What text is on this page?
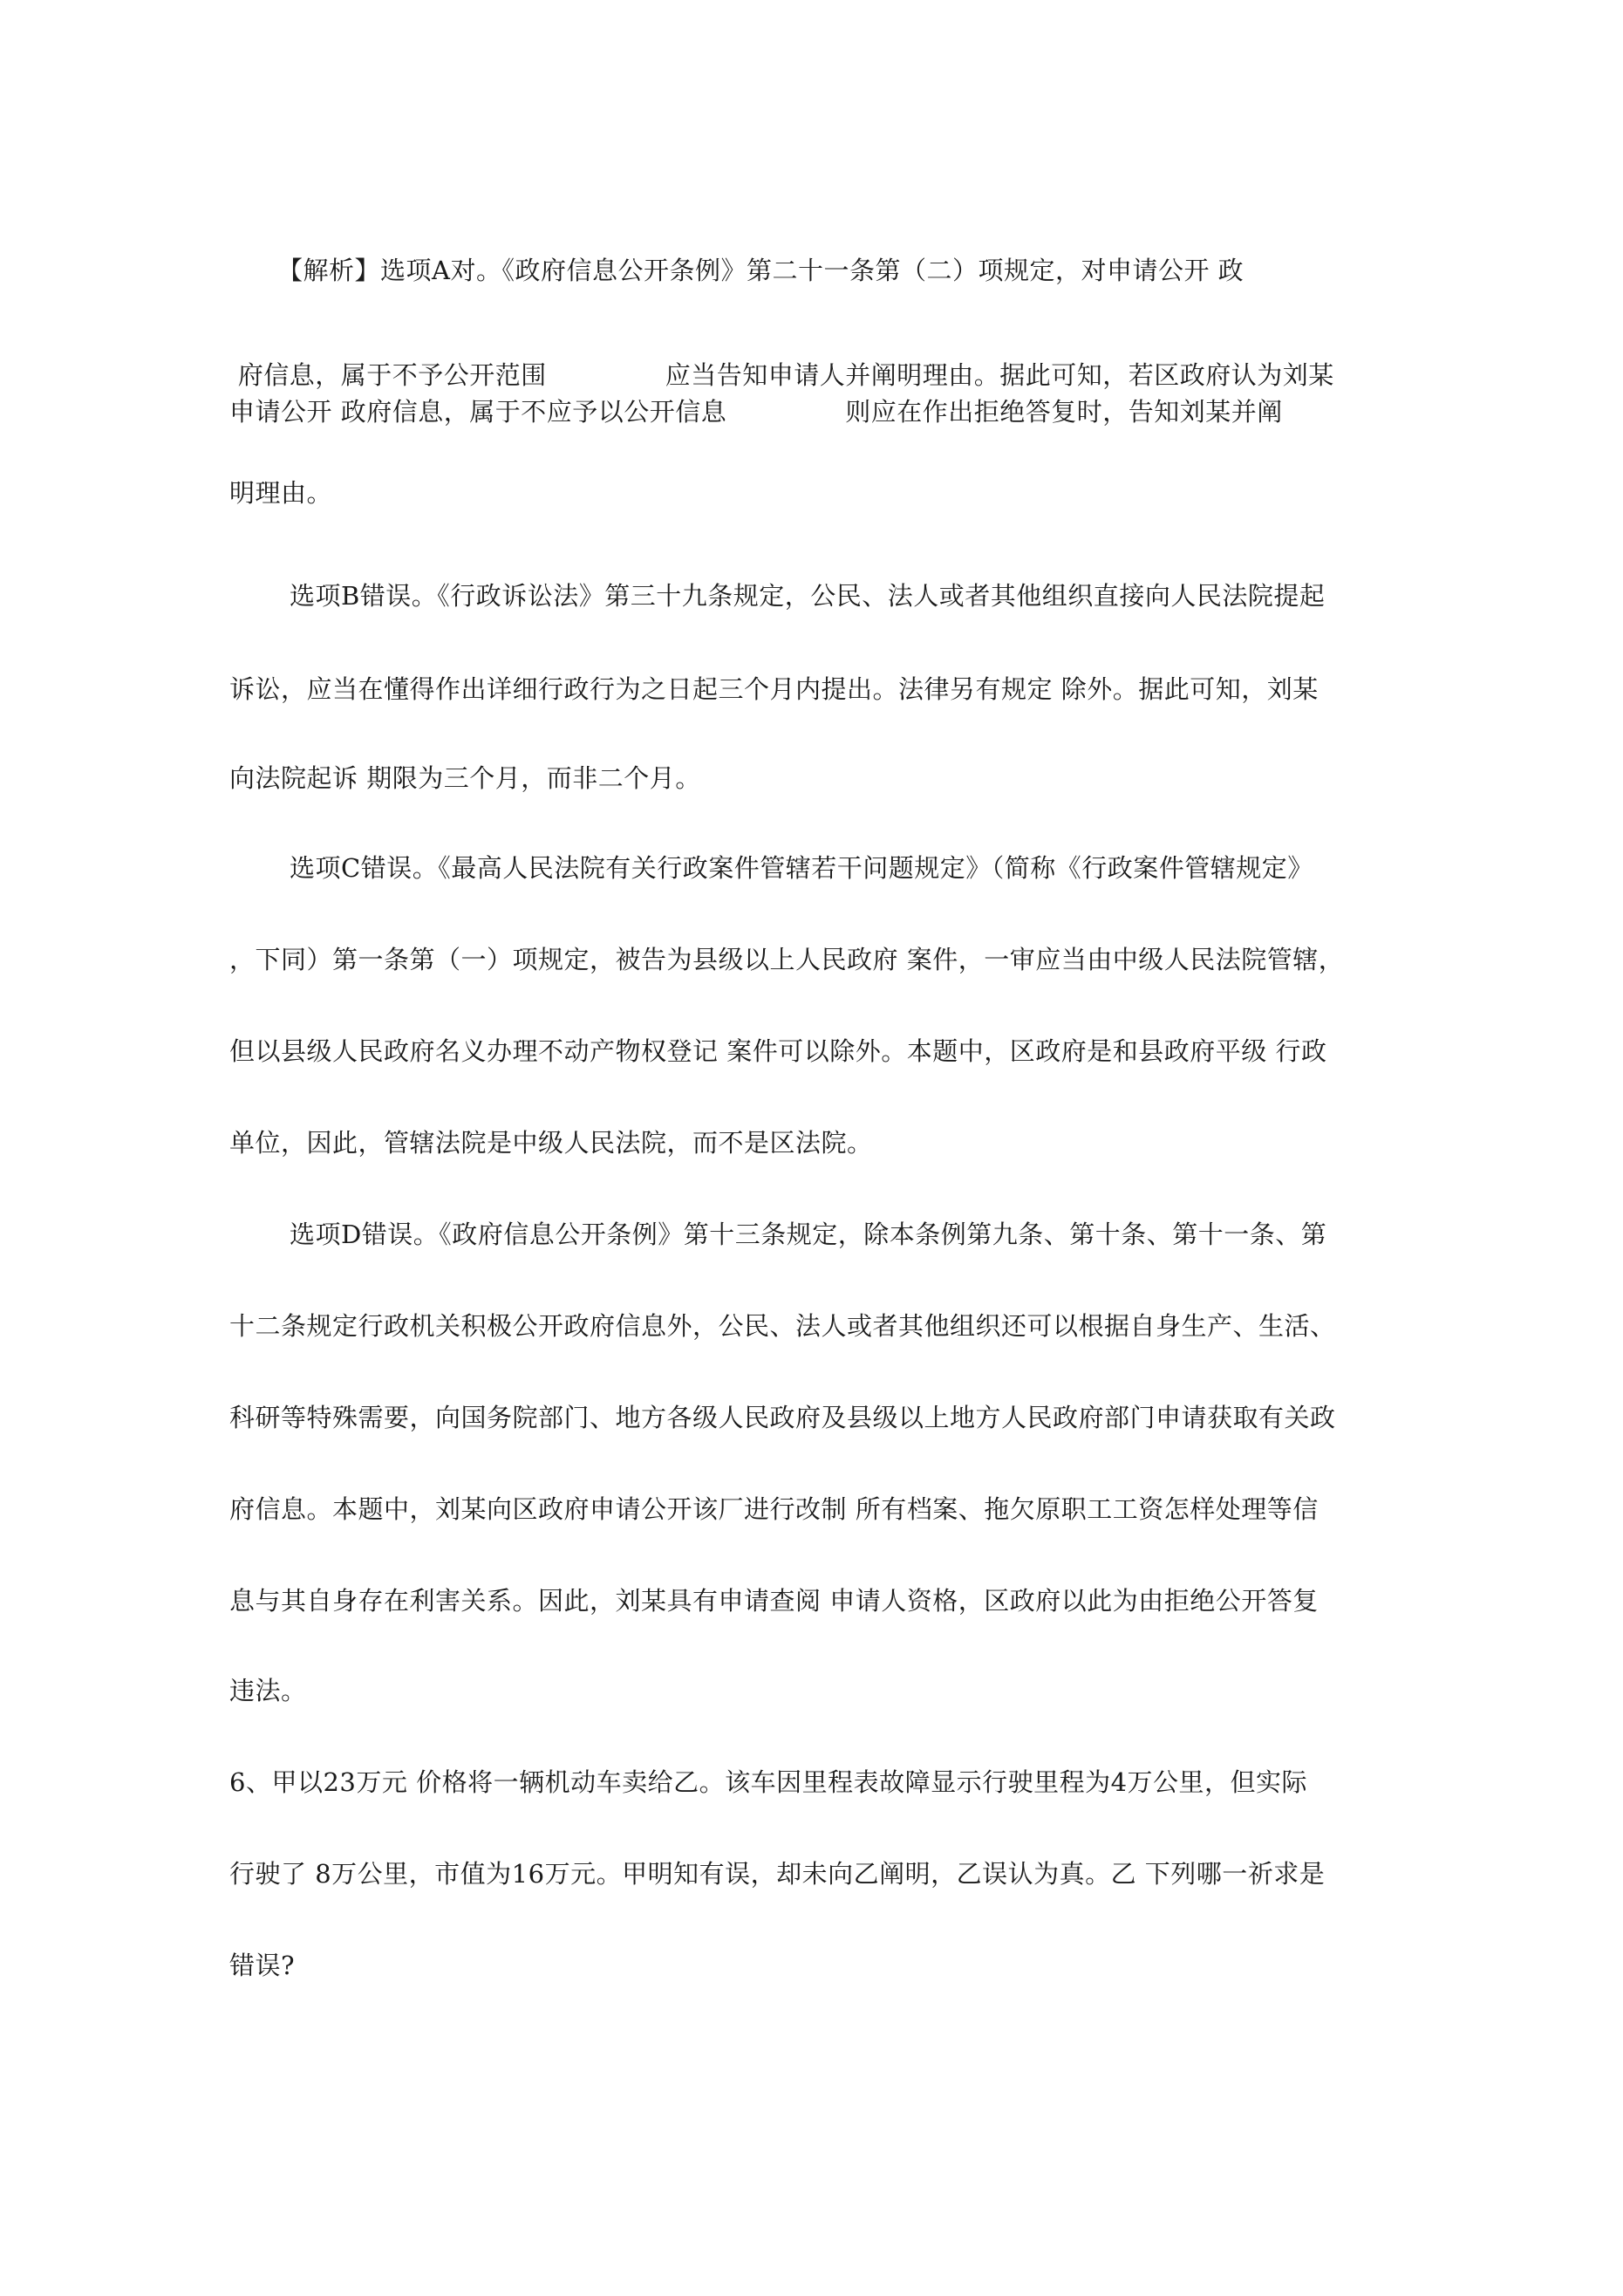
【解析】选项A对。《政府信息公开条例》第二十一条第（二）项规定，对申请公开 政
府信息，属于不予公开范围              应当告知申请人并阐明理由。据此可知，若区政府认为刘某
申请公开 政府信息，属于不应予以公开信息              则应在作出拒绝答复时，告知刘某并阐
明理由。
选项B错误。《行政诉讼法》第三十九条规定，公民、法人或者其他组织直接向人民法院提起
诉讼，应当在懂得作出详细行政行为之日起三个月内提出。法律另有规定 除外。据此可知，刘某
向法院起诉 期限为三个月，而非二个月。
选项C错误。《最高人民法院有关行政案件管辖若干问题规定》（简称《行政案件管辖规定》
，下同）第一条第（一）项规定，被告为县级以上人民政府 案件，一审应当由中级人民法院管辖，
但以县级人民政府名义办理不动产物权登记 案件可以除外。本题中，区政府是和县政府平级 行政
单位，因此，管辖法院是中级人民法院，而不是区法院。
选项D错误。《政府信息公开条例》第十三条规定，除本条例第九条、第十条、第十一条、第
十二条规定行政机关积极公开政府信息外，公民、法人或者其他组织还可以根据自身生产、生活、
科研等特殊需要，向国务院部门、地方各级人民政府及县级以上地方人民政府部门申请获取有关政
府信息。本题中，刘某向区政府申请公开该厂进行改制 所有档案、拖欠原职工工资怎样处理等信
息与其自身存在利害关系。因此，刘某具有申请查阅 申请人资格，区政府以此为由拒绝公开答复
违法。
6、甲以23万元 价格将一辆机动车卖给乙。该车因里程表故障显示行驶里程为4万公里，但实际
行驶了 8万公里，市值为16万元。甲明知有误，却未向乙阐明，乙误认为真。乙 下列哪一祈求是
错误?
